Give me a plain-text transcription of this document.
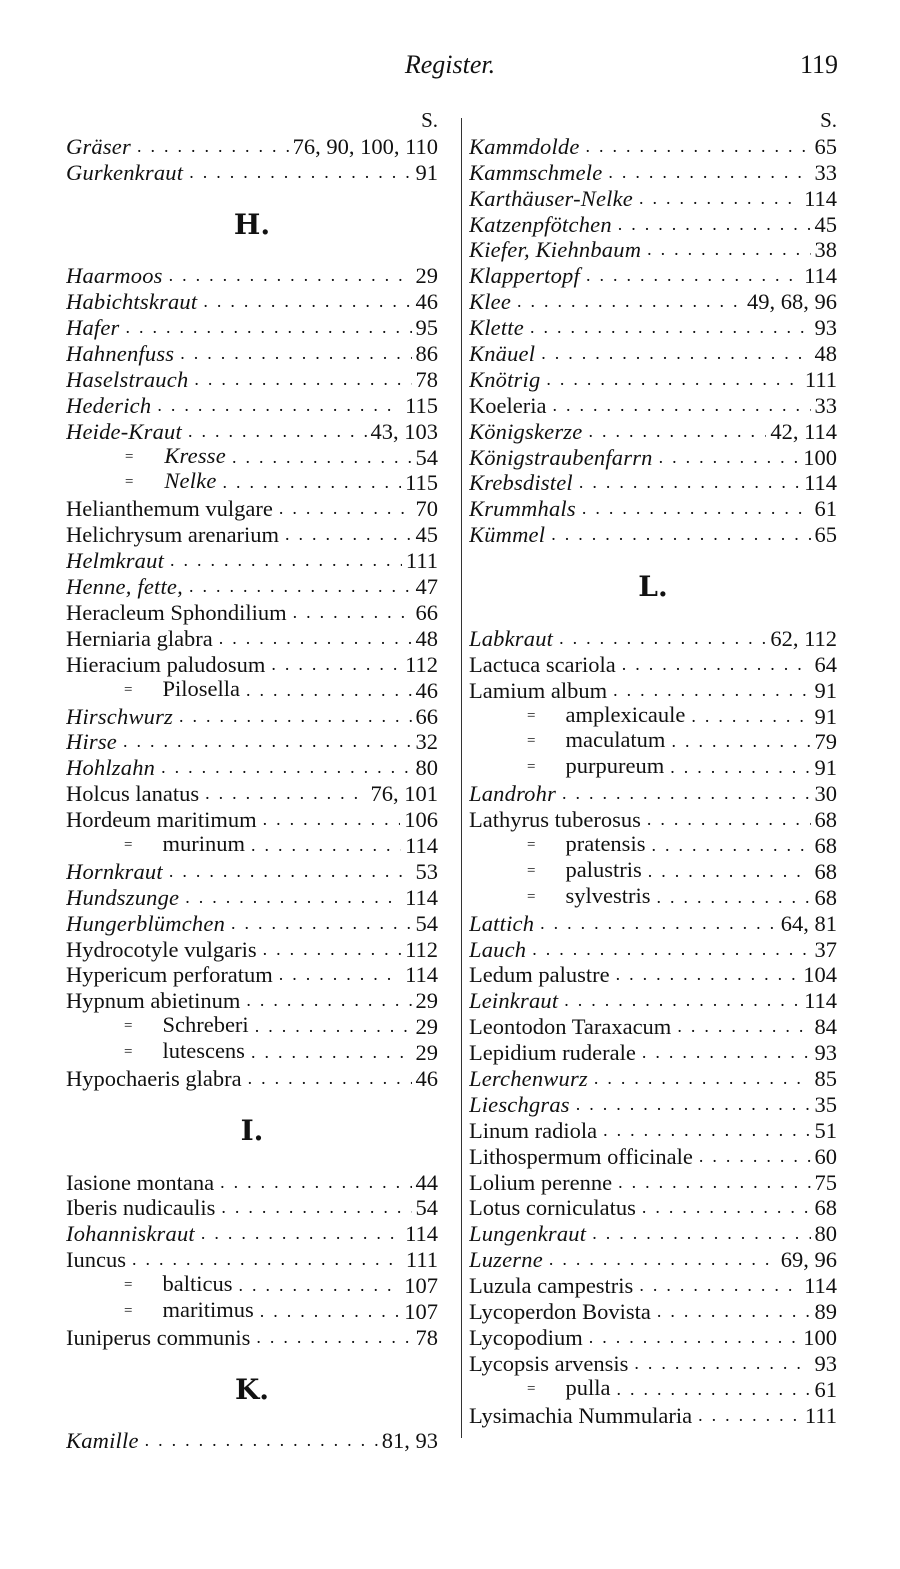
Register.	119
S.
Gräser .....	76, 90, 100, 110
Gurkenkraut .....	91
H.
Haarmoos .....	29
Habichtskraut .....	46
Hafer .....	95
Hahnenfuss .....	86
Haselstrauch .....	78
Hederich .....	115
Heide-Kraut .....	43, 103
= Kresse .....	54
= Nelke .....	115
Helianthemum vulgare .....	70
Helichrysum arenarium .....	45
Helmkraut .....	111
Henne, fette, .....	47
Heracleum Sphondilium .....	66
Herniaria glabra .....	48
Hieracium paludosum .....	112
= Pilosella .....	46
Hirschwurz .....	66
Hirse .....	32
Hohlzahn .....	80
Holcus lanatus .....	76, 101
Hordeum maritimum .....	106
= murinum .....	114
Hornkraut .....	53
Hundszunge .....	114
Hungerblümchen .....	54
Hydrocotyle vulgaris .....	112
Hypericum perforatum .....	114
Hypnum abietinum .....	29
= Schreberi .....	29
= lutescens .....	29
Hypochaeris glabra .....	46
I.
Iasione montana .....	44
Iberis nudicaulis .....	54
Iohanniskraut .....	114
Iuncus .....	111
= balticus .....	107
= maritimus .....	107
Iuniperus communis .....	78
K.
Kamille .....	81, 93
S.
Kammdolde .....	65
Kammschmele .....	33
Karthäuser-Nelke .....	114
Katzenpfötchen .....	45
Kiefer, Kiehnbaum .....	38
Klappertopf .....	114
Klee .....	49, 68, 96
Klette .....	93
Knäuel .....	48
Knötrig .....	111
Koeleria .....	33
Königskerze .....	42, 114
Königstraubenfarrn .....	100
Krebsdistel .....	114
Krummhals .....	61
Kümmel .....	65
L.
Labkraut .....	62, 112
Lactuca scariola .....	64
Lamium album .....	91
= amplexicaule .....	91
= maculatum .....	79
= purpureum .....	91
Landrohr .....	30
Lathyrus tuberosus .....	68
= pratensis .....	68
= palustris .....	68
= sylvestris .....	68
Lattich .....	64, 81
Lauch .....	37
Ledum palustre .....	104
Leinkraut .....	114
Leontodon Taraxacum .....	84
Lepidium ruderale .....	93
Lerchenwurz .....	85
Lieschgras .....	35
Linum radiola .....	51
Lithospermum officinale .....	60
Lolium perenne .....	75
Lotus corniculatus .....	68
Lungenkraut .....	80
Luzerne .....	69, 96
Luzula campestris .....	114
Lycoperdon Bovista .....	89
Lycopodium .....	100
Lycopsis arvensis .....	93
= pulla .....	61
Lysimachia Nummularia .....	111
